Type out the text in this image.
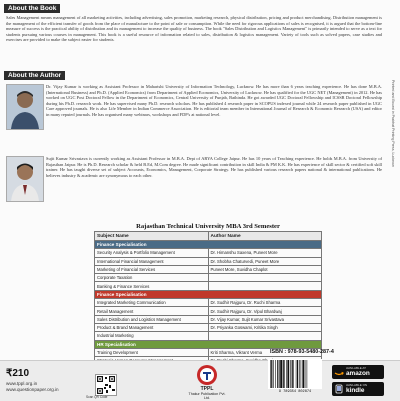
About the Book

Sales Management means management of all marketing activities, including advertising, sales promotion, marketing research, physical distribution, pricing and product merchandising. Distribution management is the management of the efficient transfer of goods from the place of manufacture to the point of sale or consumption. While the need for rigorous applications of sales is recognised, it is argued that the bottom-line measure of success is the practical ability of distribution and its management to increase the quality of business. The book "Sales Distribution and Logistics Management" is primarily intended to serve as a text for students pursuing various courses in management. This book is a useful resource of information related to sales, distribution & logistics management. Variety of tools such as solved papers, case studies and exercises are provided to make the subject easier for students.

About the Author

Dr. Vijay Kumar is working as Assistant Professor in Maharishi University of Information Technology, Lucknow. He has more than 6 years teaching experience. He has done M.B.A. (International Business) and Ph.D. (Applied Economics) from Department of Applied Economics, University of Lucknow. He has qualified for the UGC NET (Management) in 2012. He has worked on UGC Post Doctoral Fellow in the Department of Economics, Central University of Punjab, Bathinda. He got awarded UGC Doctoral Fellowship and ICSSR Doctoral Fellowship during his Ph.D. research work. He has supervised many Ph.D. research scholars. He has published 4 research paper in SCOPUS indexed journal while 24 research paper published in UGC Care approved journals. He is also Life Member in Indian Commerce Association. He is editorial team member in International Journal of Research & Economic Research (USA) and editor in many reputed journals. He has organised many webinars, workshops and FDP's at national level.

Sujit Kumar Srivastava is currently working as Assistant Professor in M.B.A. Dept of ARYA College Jaipur. He has 10 years of Teaching experience. He holds M.B.A. from University of Rajasthan Jaipur. He is Ph.D. Research scholar & held B.Ed, M.Com degree. He made significant contribution in skill India & PM K.K. He has experience of skill sector & certified soft skill trainer. He has taught diverse set of subject Accounts, Economics, Management, Corporate Strategy. He has published various research papers national & international publications. He believes industry & academic are synonymous to each other.

Printed and Bound in Prabhat Printing Press, Lucknow
Rajasthan Technical University MBA 3rd Semester
Subject Name	Author Name
Finance Specialisation	
Security Analysis & Portfolio Management	Dr. Himanshu Saxena, Puneet More
International Financial Management	Dr. Shobha Chaturvedi, Puneet More
Marketing of Financial Services	Puneet More, Suvidha Chaplot
Corporate Taxation	
Banking & Finance Services	
Finance Specialisation	
Integrated Marketing Communication	Dr. Sudhir Rajguru, Dr. Ruchi Sharma
Retail Management	Dr. Sudhir Rajguru, Dr. Vipul Bhardwaj
Sales Distribution and Logistics Management	Dr. Vijay Kumar, Sujit Kumar Srivastava
Product & Brand Management	Dr. Priyanka Goswami, Kritika Singh
Industrial Marketing	
HR Specialisation	
Training Development	Kriti Sharma, Vikrant Verma

₹210
www.tppl.org.in
www.questionpaper.org.in
Scan QR Code
TPPL
Thakur Publication Pvt. Ltd.
ISBN : 978-93-5480-287-4
9 789354 802874
AVAILABLE AT
amazon
AVAILABLE ON
kindle
